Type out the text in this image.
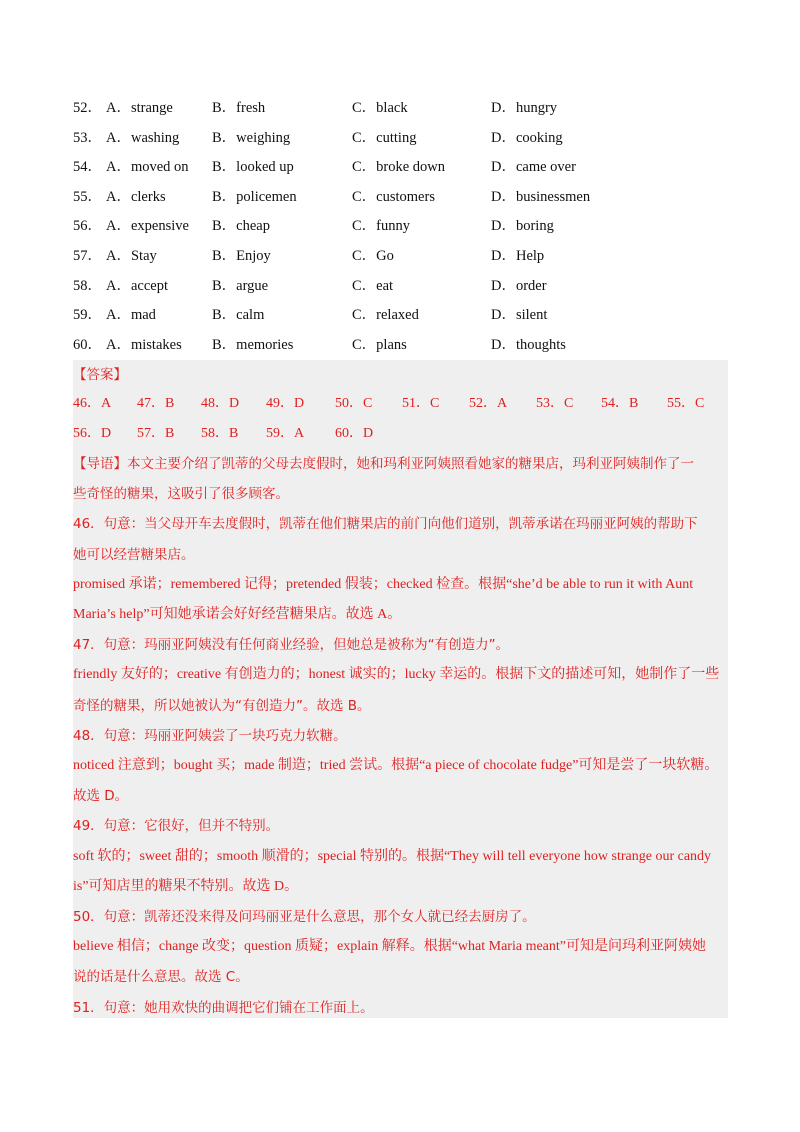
52． A．strange	B．fresh	C．black	D．hungry
53． A．washing B．weighing	C．cutting	D．cooking
54． A．moved on B．looked up	C．broke down	D．came over
55． A．clerks	B．policemen	C．customers	D．businessmen
56． A．expensive B．cheap	C．funny	D．boring
57． A．Stay	B．Enjoy	C．Go	D．Help
58． A．accept	B．argue	C．eat	D．order
59． A．mad	B．calm	C．relaxed	D．silent
60． A．mistakes B．memories	C．plans	D．thoughts
【答案】
46．A 47．B 48．D 49．D 50．C 51．C 52．A 53．C 54．B 55．C
56．D 57．B 58．B 59．A 60．D
【导语】本文主要介绍了凯蒂的父母去度假时，她和玛利亚阿姨照看她家的糖果店，玛利亚阿姨制作了一
些奇怪的糖果，这吸引了很多顾客。
46．句意：当父母开车去度假时，凯蒂在他们糖果店的前门向他们道别，凯蒂承诺在玛丽亚阿姨的帮助下
她可以经营糖果店。
promised 承诺；remembered 记得；pretended 假装；checked 检查。根据“she’d be able to run it with Aunt
Maria’s help”可知她承诺会好好经营糖果店。故选 A。
47．句意：玛丽亚阿姨没有任何商业经验，但她总是被称为“有创造力”。
friendly 友好的；creative 有创造力的；honest 诚实的；lucky 幸运的。根据下文的描述可知，她制作了一些
奇怪的糖果，所以她被认为“有创造力”。故选 B。
48．句意：玛丽亚阿姨尝了一块巧克力软糖。
noticed 注意到；bought 买；made 制造；tried 尝试。根据“a piece of chocolate fudge”可知是尝了一块软糖。
故选 D。
49．句意：它很好，但并不特别。
soft 软的；sweet 甜的；smooth 顺滑的；special 特别的。根据“They will tell everyone how strange our candy
is”可知店里的糖果不特别。故选 D。
50．句意：凯蒂还没来得及问玛丽亚是什么意思，那个女人就已经去厨房了。
believe 相信；change 改变；question 质疑；explain 解释。根据“what Maria meant”可知是问玛利亚阿姨她
说的话是什么意思。故选 C。
51．句意：她用欢快的曲调把它们铺在工作面上。
